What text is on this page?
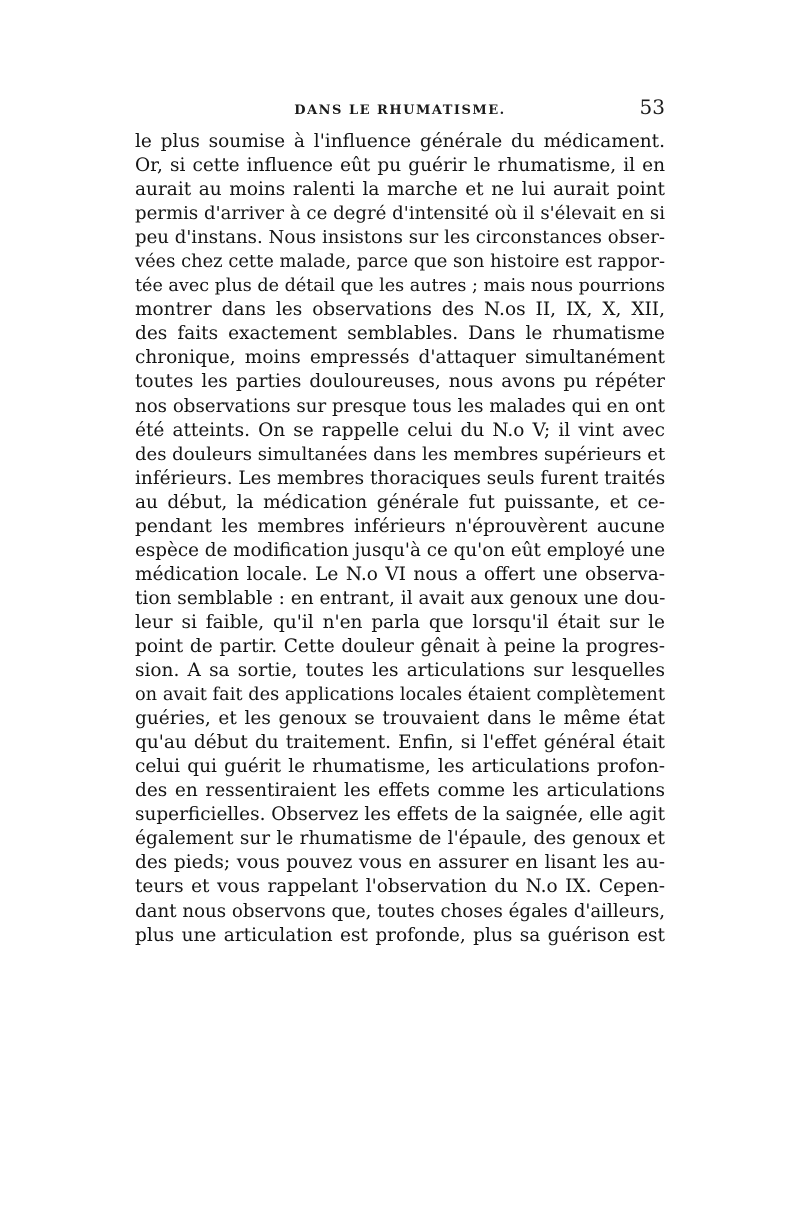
DANS LE RHUMATISME.	53
le plus soumise à l'influence générale du médicament.
Or, si cette influence eût pu guérir le rhumatisme, il en
aurait au moins ralenti la marche et ne lui aurait point
permis d'arriver à ce degré d'intensité où il s'élevait en si
peu d'instans. Nous insistons sur les circonstances obser-
vées chez cette malade, parce que son histoire est rappor-
tée avec plus de détail que les autres ; mais nous pourrions
montrer dans les observations des N.os II, IX, X, XII,
des faits exactement semblables. Dans le rhumatisme
chronique, moins empressés d'attaquer simultanément
toutes les parties douloureuses, nous avons pu répéter
nos observations sur presque tous les malades qui en ont
été atteints. On se rappelle celui du N.o V; il vint avec
des douleurs simultanées dans les membres supérieurs et
inférieurs. Les membres thoraciques seuls furent traités
au début, la médication générale fut puissante, et ce-
pendant les membres inférieurs n'éprouvèrent aucune
espèce de modification jusqu'à ce qu'on eût employé une
médication locale. Le N.o VI nous a offert une observa-
tion semblable : en entrant, il avait aux genoux une dou-
leur si faible, qu'il n'en parla que lorsqu'il était sur le
point de partir. Cette douleur gênait à peine la progres-
sion. A sa sortie, toutes les articulations sur lesquelles
on avait fait des applications locales étaient complètement
guéries, et les genoux se trouvaient dans le même état
qu'au début du traitement. Enfin, si l'effet général était
celui qui guérit le rhumatisme, les articulations profon-
des en ressentiraient les effets comme les articulations
superficielles. Observez les effets de la saignée, elle agit
également sur le rhumatisme de l'épaule, des genoux et
des pieds; vous pouvez vous en assurer en lisant les au-
teurs et vous rappelant l'observation du N.o IX. Cepen-
dant nous observons que, toutes choses égales d'ailleurs,
plus une articulation est profonde, plus sa guérison est
